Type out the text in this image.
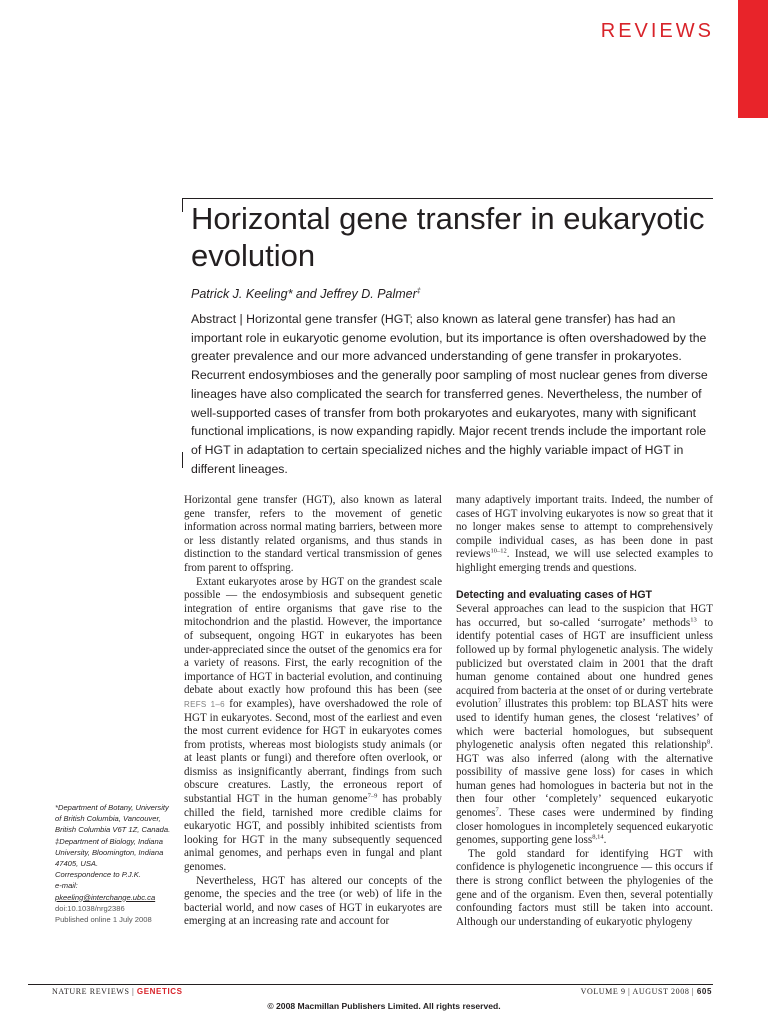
REVIEWS
Horizontal gene transfer in eukaryotic evolution
Patrick J. Keeling* and Jeffrey D. Palmer‡

Abstract | Horizontal gene transfer (HGT; also known as lateral gene transfer) has had an important role in eukaryotic genome evolution, but its importance is often overshadowed by the greater prevalence and our more advanced understanding of gene transfer in prokaryotes. Recurrent endosymbioses and the generally poor sampling of most nuclear genes from diverse lineages have also complicated the search for transferred genes. Nevertheless, the number of well-supported cases of transfer from both prokaryotes and eukaryotes, many with significant functional implications, is now expanding rapidly. Major recent trends include the important role of HGT in adaptation to certain specialized niches and the highly variable impact of HGT in different lineages.

Horizontal gene transfer (HGT), also known as lateral gene transfer, refers to the movement of genetic information across normal mating barriers, between more or less distantly related organisms, and thus stands in distinction to the standard vertical transmission of genes from parent to offspring.

Extant eukaryotes arose by HGT on the grandest scale possible — the endosymbiosis and subsequent genetic integration of entire organisms that gave rise to the mitochondrion and the plastid. However, the importance of subsequent, ongoing HGT in eukaryotes has been under-appreciated since the outset of the genomics era for a variety of reasons. First, the early recognition of the importance of HGT in bacterial evolution, and continuing debate about exactly how profound this has been (see REFS 1–6 for examples), have overshadowed the role of HGT in eukaryotes. Second, most of the earliest and even the most current evidence for HGT in eukaryotes comes from protists, whereas most biologists study animals (or at least plants or fungi) and therefore often overlook, or dismiss as insignificantly aberrant, findings from such obscure creatures. Lastly, the erroneous report of substantial HGT in the human genome$^{7-9}$ has probably chilled the field, tarnished more credible claims for eukaryotic HGT, and possibly inhibited scientists from looking for HGT in the many subsequently sequenced animal genomes, and perhaps even in fungal and plant genomes.

Nevertheless, HGT has altered our concepts of the genome, the species and the tree (or web) of life in the bacterial world, and now cases of HGT in eukaryotes are emerging at an increasing rate and account for

many adaptively important traits. Indeed, the number of cases of HGT involving eukaryotes is now so great that it no longer makes sense to attempt to comprehensively compile individual cases, as has been done in past reviews$^{10-12}$. Instead, we will use selected examples to highlight emerging trends and questions.

Detecting and evaluating cases of HGT

Several approaches can lead to the suspicion that HGT has occurred, but so-called ‘surrogate’ methods$^{13}$ to identify potential cases of HGT are insufficient unless followed up by formal phylogenetic analysis. The widely publicized but overstated claim in 2001 that the draft human genome contained about one hundred genes acquired from bacteria at the onset of or during vertebrate evolution$^7$ illustrates this problem: top BLAST hits were used to identify human genes, the closest ‘relatives’ of which were bacterial homologues, but subsequent phylogenetic analysis often negated this relationship$^8$. HGT was also inferred (along with the alternative possibility of massive gene loss) for cases in which human genes had homologues in bacteria but not in the then four other ‘completely’ sequenced eukaryotic genomes$^7$. These cases were undermined by finding closer homologues in incompletely sequenced eukaryotic genomes, supporting gene loss$^{8,14}$.

The gold standard for identifying HGT with confidence is phylogenetic incongruence — this occurs if there is strong conflict between the phylogenies of the gene and of the organism. Even then, several potentially confounding factors must still be taken into account. Although our understanding of eukaryotic phylogeny

*Department of Botany, University of British Columbia, Vancouver, British Columbia V6T 1Z, Canada.
‡Department of Biology, Indiana University, Bloomington, Indiana 47405, USA.
Correspondence to P.J.K.
e-mail:
pkeeling@interchange.ubc.ca
doi:10.1038/nrg2386
Published online 1 July 2008
NATURE REVIEWS | GENETICS	VOLUME 9 | AUGUST 2008 | 605
© 2008 Macmillan Publishers Limited. All rights reserved.
